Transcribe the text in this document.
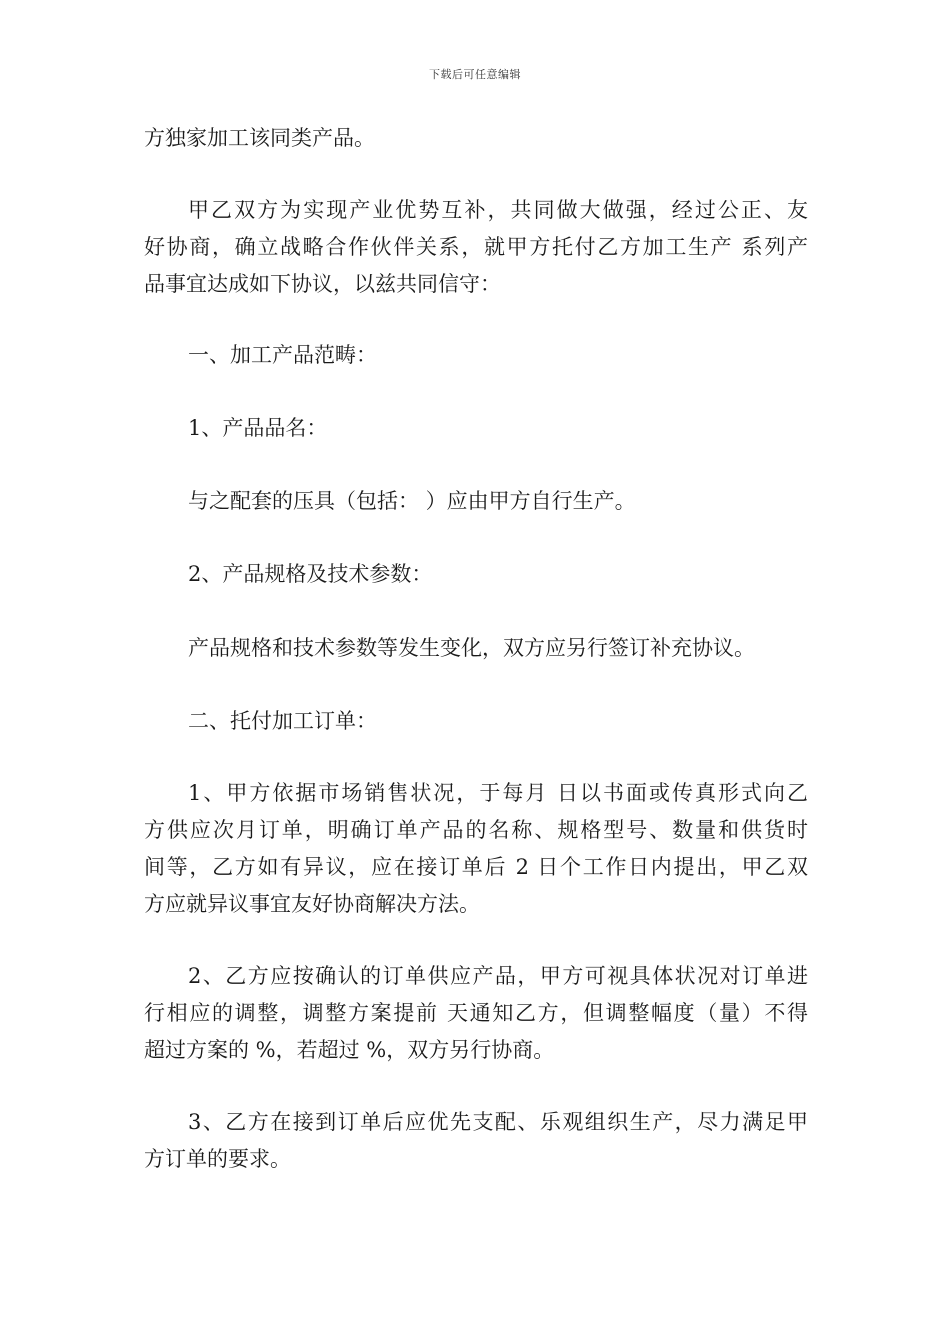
下载后可任意编辑
方独家加工该同类产品。
甲乙双方为实现产业优势互补，共同做大做强，经过公正、友
好协商，确立战略合作伙伴关系，就甲方托付乙方加工生产 系列产
品事宜达成如下协议，以兹共同信守：
一、加工产品范畴：
1、产品品名：
与之配套的压具（包括： ）应由甲方自行生产。
2、产品规格及技术参数：
产品规格和技术参数等发生变化，双方应另行签订补充协议。
二、托付加工订单：
1、甲方依据市场销售状况，于每月 日以书面或传真形式向乙
方供应次月订单，明确订单产品的名称、规格型号、数量和供货时
间等，乙方如有异议，应在接订单后 2 日个工作日内提出，甲乙双
方应就异议事宜友好协商解决方法。
2、乙方应按确认的订单供应产品，甲方可视具体状况对订单进
行相应的调整，调整方案提前 天通知乙方，但调整幅度（量）不得
超过方案的 %，若超过 %，双方另行协商。
3、乙方在接到订单后应优先支配、乐观组织生产，尽力满足甲
方订单的要求。
